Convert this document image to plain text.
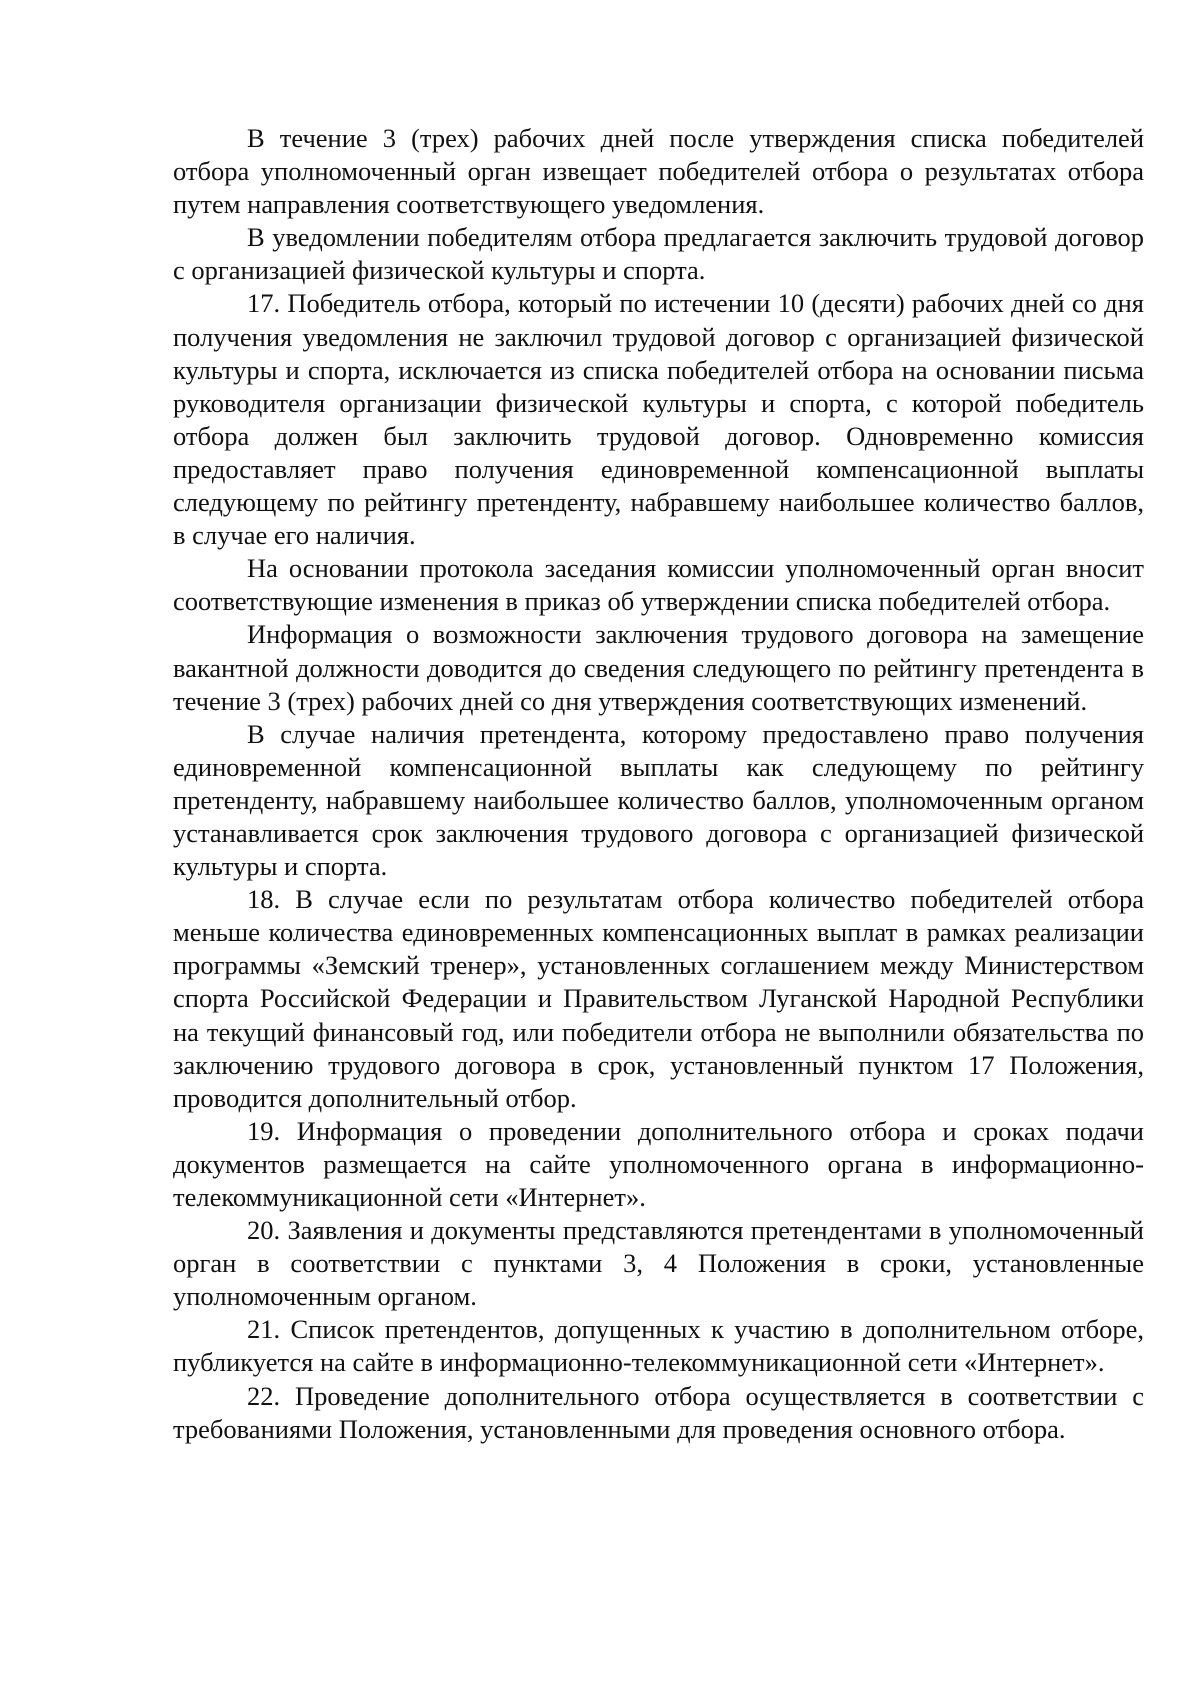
В течение 3 (трех) рабочих дней после утверждения списка победителей отбора уполномоченный орган извещает победителей отбора о результатах отбора путем направления соответствующего уведомления.

В уведомлении победителям отбора предлагается заключить трудовой договор с организацией физической культуры и спорта.

17. Победитель отбора, который по истечении 10 (десяти) рабочих дней со дня получения уведомления не заключил трудовой договор с организацией физической культуры и спорта, исключается из списка победителей отбора на основании письма руководителя организации физической культуры и спорта, с которой победитель отбора должен был заключить трудовой договор. Одновременно комиссия предоставляет право получения единовременной компенсационной выплаты следующему по рейтингу претенденту, набравшему наибольшее количество баллов, в случае его наличия.

На основании протокола заседания комиссии уполномоченный орган вносит соответствующие изменения в приказ об утверждении списка победителей отбора.

Информация о возможности заключения трудового договора на замещение вакантной должности доводится до сведения следующего по рейтингу претендента в течение 3 (трех) рабочих дней со дня утверждения соответствующих изменений.

В случае наличия претендента, которому предоставлено право получения единовременной компенсационной выплаты как следующему по рейтингу претенденту, набравшему наибольшее количество баллов, уполномоченным органом устанавливается срок заключения трудового договора с организацией физической культуры и спорта.

18. В случае если по результатам отбора количество победителей отбора меньше количества единовременных компенсационных выплат в рамках реализации программы «Земский тренер», установленных соглашением между Министерством спорта Российской Федерации и Правительством Луганской Народной Республики на текущий финансовый год, или победители отбора не выполнили обязательства по заключению трудового договора в срок, установленный пунктом 17 Положения, проводится дополнительный отбор.

19. Информация о проведении дополнительного отбора и сроках подачи документов размещается на сайте уполномоченного органа в информационно-телекоммуникационной сети «Интернет».

20. Заявления и документы представляются претендентами в уполномоченный орган в соответствии с пунктами 3, 4 Положения в сроки, установленные уполномоченным органом.

21. Список претендентов, допущенных к участию в дополнительном отборе, публикуется на сайте в информационно-телекоммуникационной сети «Интернет».

22. Проведение дополнительного отбора осуществляется в соответствии с требованиями Положения, установленными для проведения основного отбора.
